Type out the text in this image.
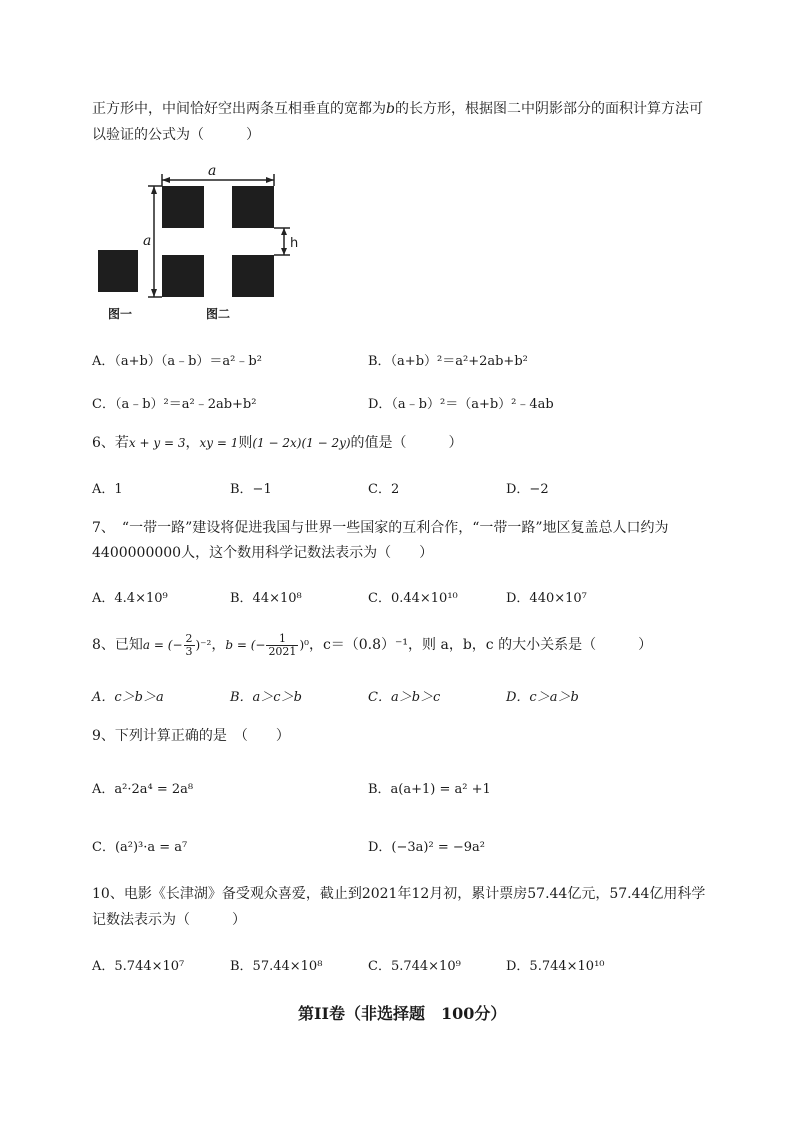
正方形中，中间恰好空出两条互相垂直的宽都为b的长方形，根据图二中阴影部分的面积计算方法可
以验证的公式为（　　　）
a
a	h
图一	图二
A．（a+b）（a﹣b）＝a²﹣b²	B．（a+b）²＝a²+2ab+b²
C．（a﹣b）²＝a²﹣2ab+b²	D．（a﹣b）²＝（a+b）²﹣4ab
6、若x + y = 3，xy = 1则(1 − 2x)(1 − 2y)的值是（　　　）
A．1	B．−1	C．2	D．−2
7、　“一带一路”建设将促进我国与世界一些国家的互利合作，“一带一路”地区复盖总人口约为
4400000000人，这个数用科学记数法表示为（　　）
A．4.4×10⁹	B．44×10⁸	C．0.44×10¹⁰	D．440×10⁷
8、已知a = (− $\frac{2}{3} )^{-2}$，b = (− $\frac{1}{2021} )^0$，c＝（0.8）⁻¹，则 a，b，c 的大小关系是（　　　）
A．c＞b＞a	B．a＞c＞b	C．a＞b＞c	D．c＞a＞b
9、下列计算正确的是　（　　）
A．a²·2a⁴ = 2a⁸	B．a(a+1) = a² +1
C．(a²)³·a = a⁷	D．(−3a)² = −9a²
10、电影《长津湖》备受观众喜爱，截止到2021年12月初，累计票房57.44亿元，57.44亿用科学
记数法表示为（　　　）
A．5.744×10⁷	B．57.44×10⁸	C．5.744×10⁹	D．5.744×10¹⁰
第II卷（非选择题　100分）
